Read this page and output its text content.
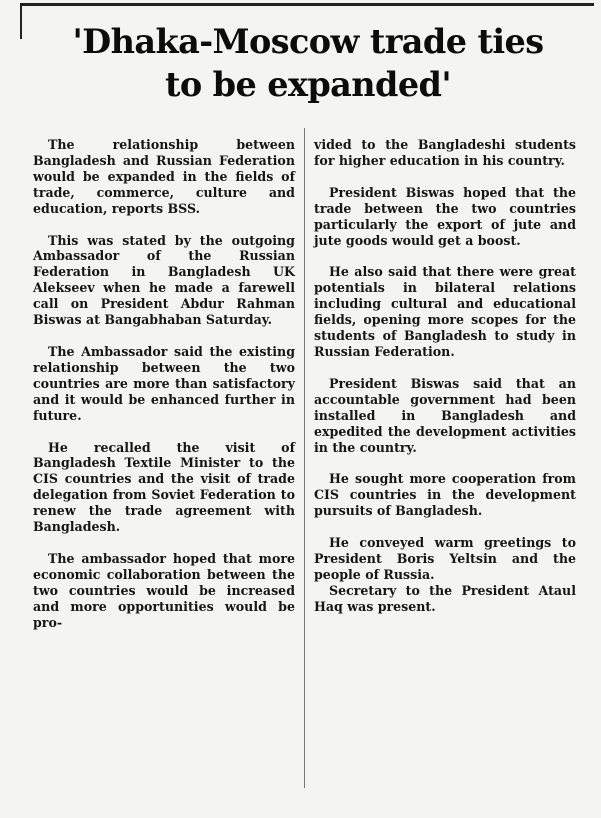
'Dhaka-Moscow trade ties
to be expanded'

The relationship between Bangladesh and Russian Federation would be expanded in the fields of trade, commerce, culture and education, reports BSS.

This was stated by the outgoing Ambassador of the Russian Federation in Bangladesh UK Alekseev when he made a farewell call on President Abdur Rahman Biswas at Bangabhaban Saturday.

The Ambassador said the existing relationship between the two countries are more than satisfactory and it would be enhanced further in future.

He recalled the visit of Bangladesh Textile Minister to the CIS countries and the visit of trade delegation from Soviet Federation to renew the trade agreement with Bangladesh.

The ambassador hoped that more economic collaboration between the two countries would be increased and more opportunities would be pro-

vided to the Bangladeshi students for higher education in his country.

President Biswas hoped that the trade between the two countries particularly the export of jute and jute goods would get a boost.

He also said that there were great potentials in bilateral relations including cultural and educational fields, opening more scopes for the students of Bangladesh to study in Russian Federation.

President Biswas said that an accountable government had been installed in Bangladesh and expedited the development activities in the country.

He sought more cooperation from CIS countries in the development pursuits of Bangladesh.

He conveyed warm greetings to President Boris Yeltsin and the people of Russia.

Secretary to the President Ataul Haq was present.
